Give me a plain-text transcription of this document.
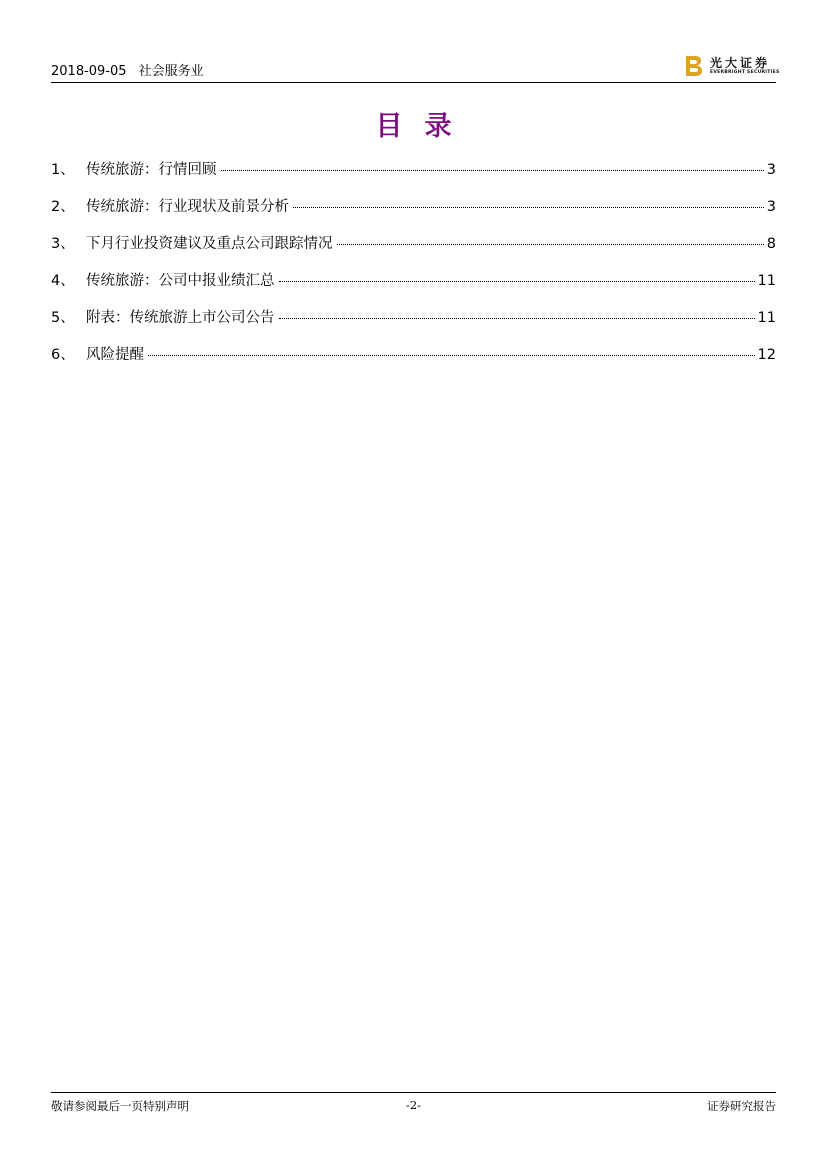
2018-09-05 社会服务业
光大证券
EVERBRIGHT SECURITIES
目录
1、 传统旅游：行情回顾	3
2、 传统旅游：行业现状及前景分析	3
3、 下月行业投资建议及重点公司跟踪情况	8
4、 传统旅游：公司中报业绩汇总	11
5、 附表：传统旅游上市公司公告	11
6、 风险提醒	12
敬请参阅最后一页特别声明	-2-	证券研究报告
